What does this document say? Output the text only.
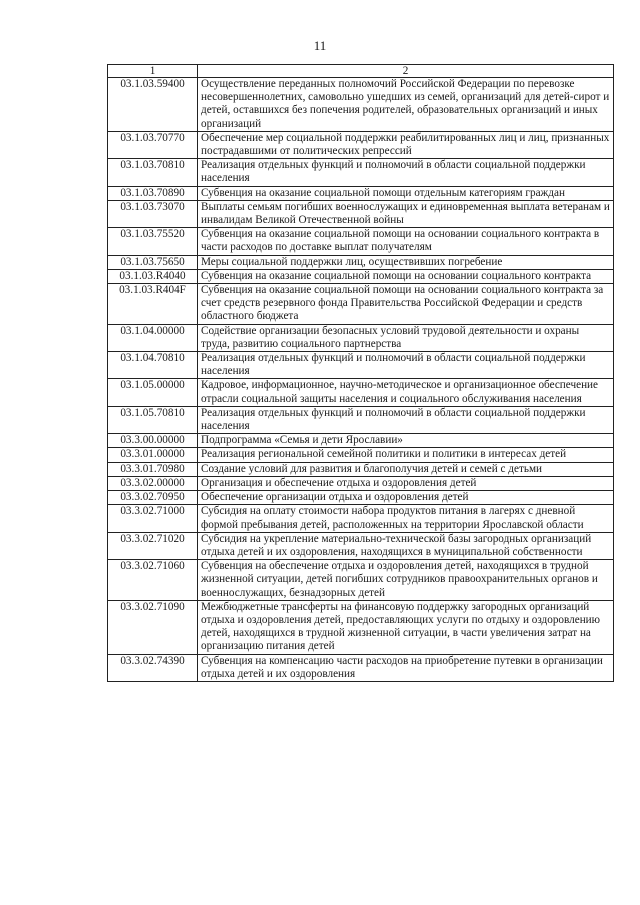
11
1	2
03.1.03.59400	Осуществление переданных полномочий Российской Федерации по перевозке несовершеннолетних, самовольно ушедших из семей, организаций для детей-сирот и детей, оставшихся без попечения родителей, образовательных организаций и иных организаций
03.1.03.70770	Обеспечение мер социальной поддержки реабилитированных лиц и лиц, признанных пострадавшими от политических репрессий
03.1.03.70810	Реализация отдельных функций и полномочий в области социальной поддержки населения
03.1.03.70890	Субвенция на оказание социальной помощи отдельным категориям граждан
03.1.03.73070	Выплаты семьям погибших военнослужащих и единовременная выплата ветеранам и инвалидам Великой Отечественной войны
03.1.03.75520	Субвенция на оказание социальной помощи на основании социального контракта в части расходов по доставке выплат получателям
03.1.03.75650	Меры социальной поддержки лиц, осуществивших погребение
03.1.03.R4040	Субвенция на оказание социальной помощи на основании социального контракта
03.1.03.R404F	Субвенция на оказание социальной помощи на основании социального контракта за счет средств резервного фонда Правительства Российской Федерации и средств областного бюджета
03.1.04.00000	Содействие организации безопасных условий трудовой деятельности и охраны труда, развитию социального партнерства
03.1.04.70810	Реализация отдельных функций и полномочий в области социальной поддержки населения
03.1.05.00000	Кадровое, информационное, научно-методическое и организационное обеспечение отрасли социальной защиты населения и социального обслуживания населения
03.1.05.70810	Реализация отдельных функций и полномочий в области социальной поддержки населения
03.3.00.00000	Подпрограмма «Семья и дети Ярославии»
03.3.01.00000	Реализация региональной семейной политики и политики в интересах детей
03.3.01.70980	Создание условий для развития и благополучия детей и семей с детьми
03.3.02.00000	Организация и обеспечение отдыха и оздоровления детей
03.3.02.70950	Обеспечение организации отдыха и оздоровления детей
03.3.02.71000	Субсидия на оплату стоимости набора продуктов питания в лагерях с дневной формой пребывания детей, расположенных на территории Ярославской области
03.3.02.71020	Субсидия на укрепление материально-технической базы загородных организаций отдыха детей и их оздоровления, находящихся в муниципальной собственности
03.3.02.71060	Субвенция на обеспечение отдыха и оздоровления детей, находящихся в трудной жизненной ситуации, детей погибших сотрудников правоохранительных органов и военнослужащих, безнадзорных детей
03.3.02.71090	Межбюджетные трансферты на финансовую поддержку загородных организаций отдыха и оздоровления детей, предоставляющих услуги по отдыху и оздоровлению детей, находящихся в трудной жизненной ситуации, в части увеличения затрат на организацию питания детей
03.3.02.74390	Субвенция на компенсацию части расходов на приобретение путевки в организации отдыха детей и их оздоровления
